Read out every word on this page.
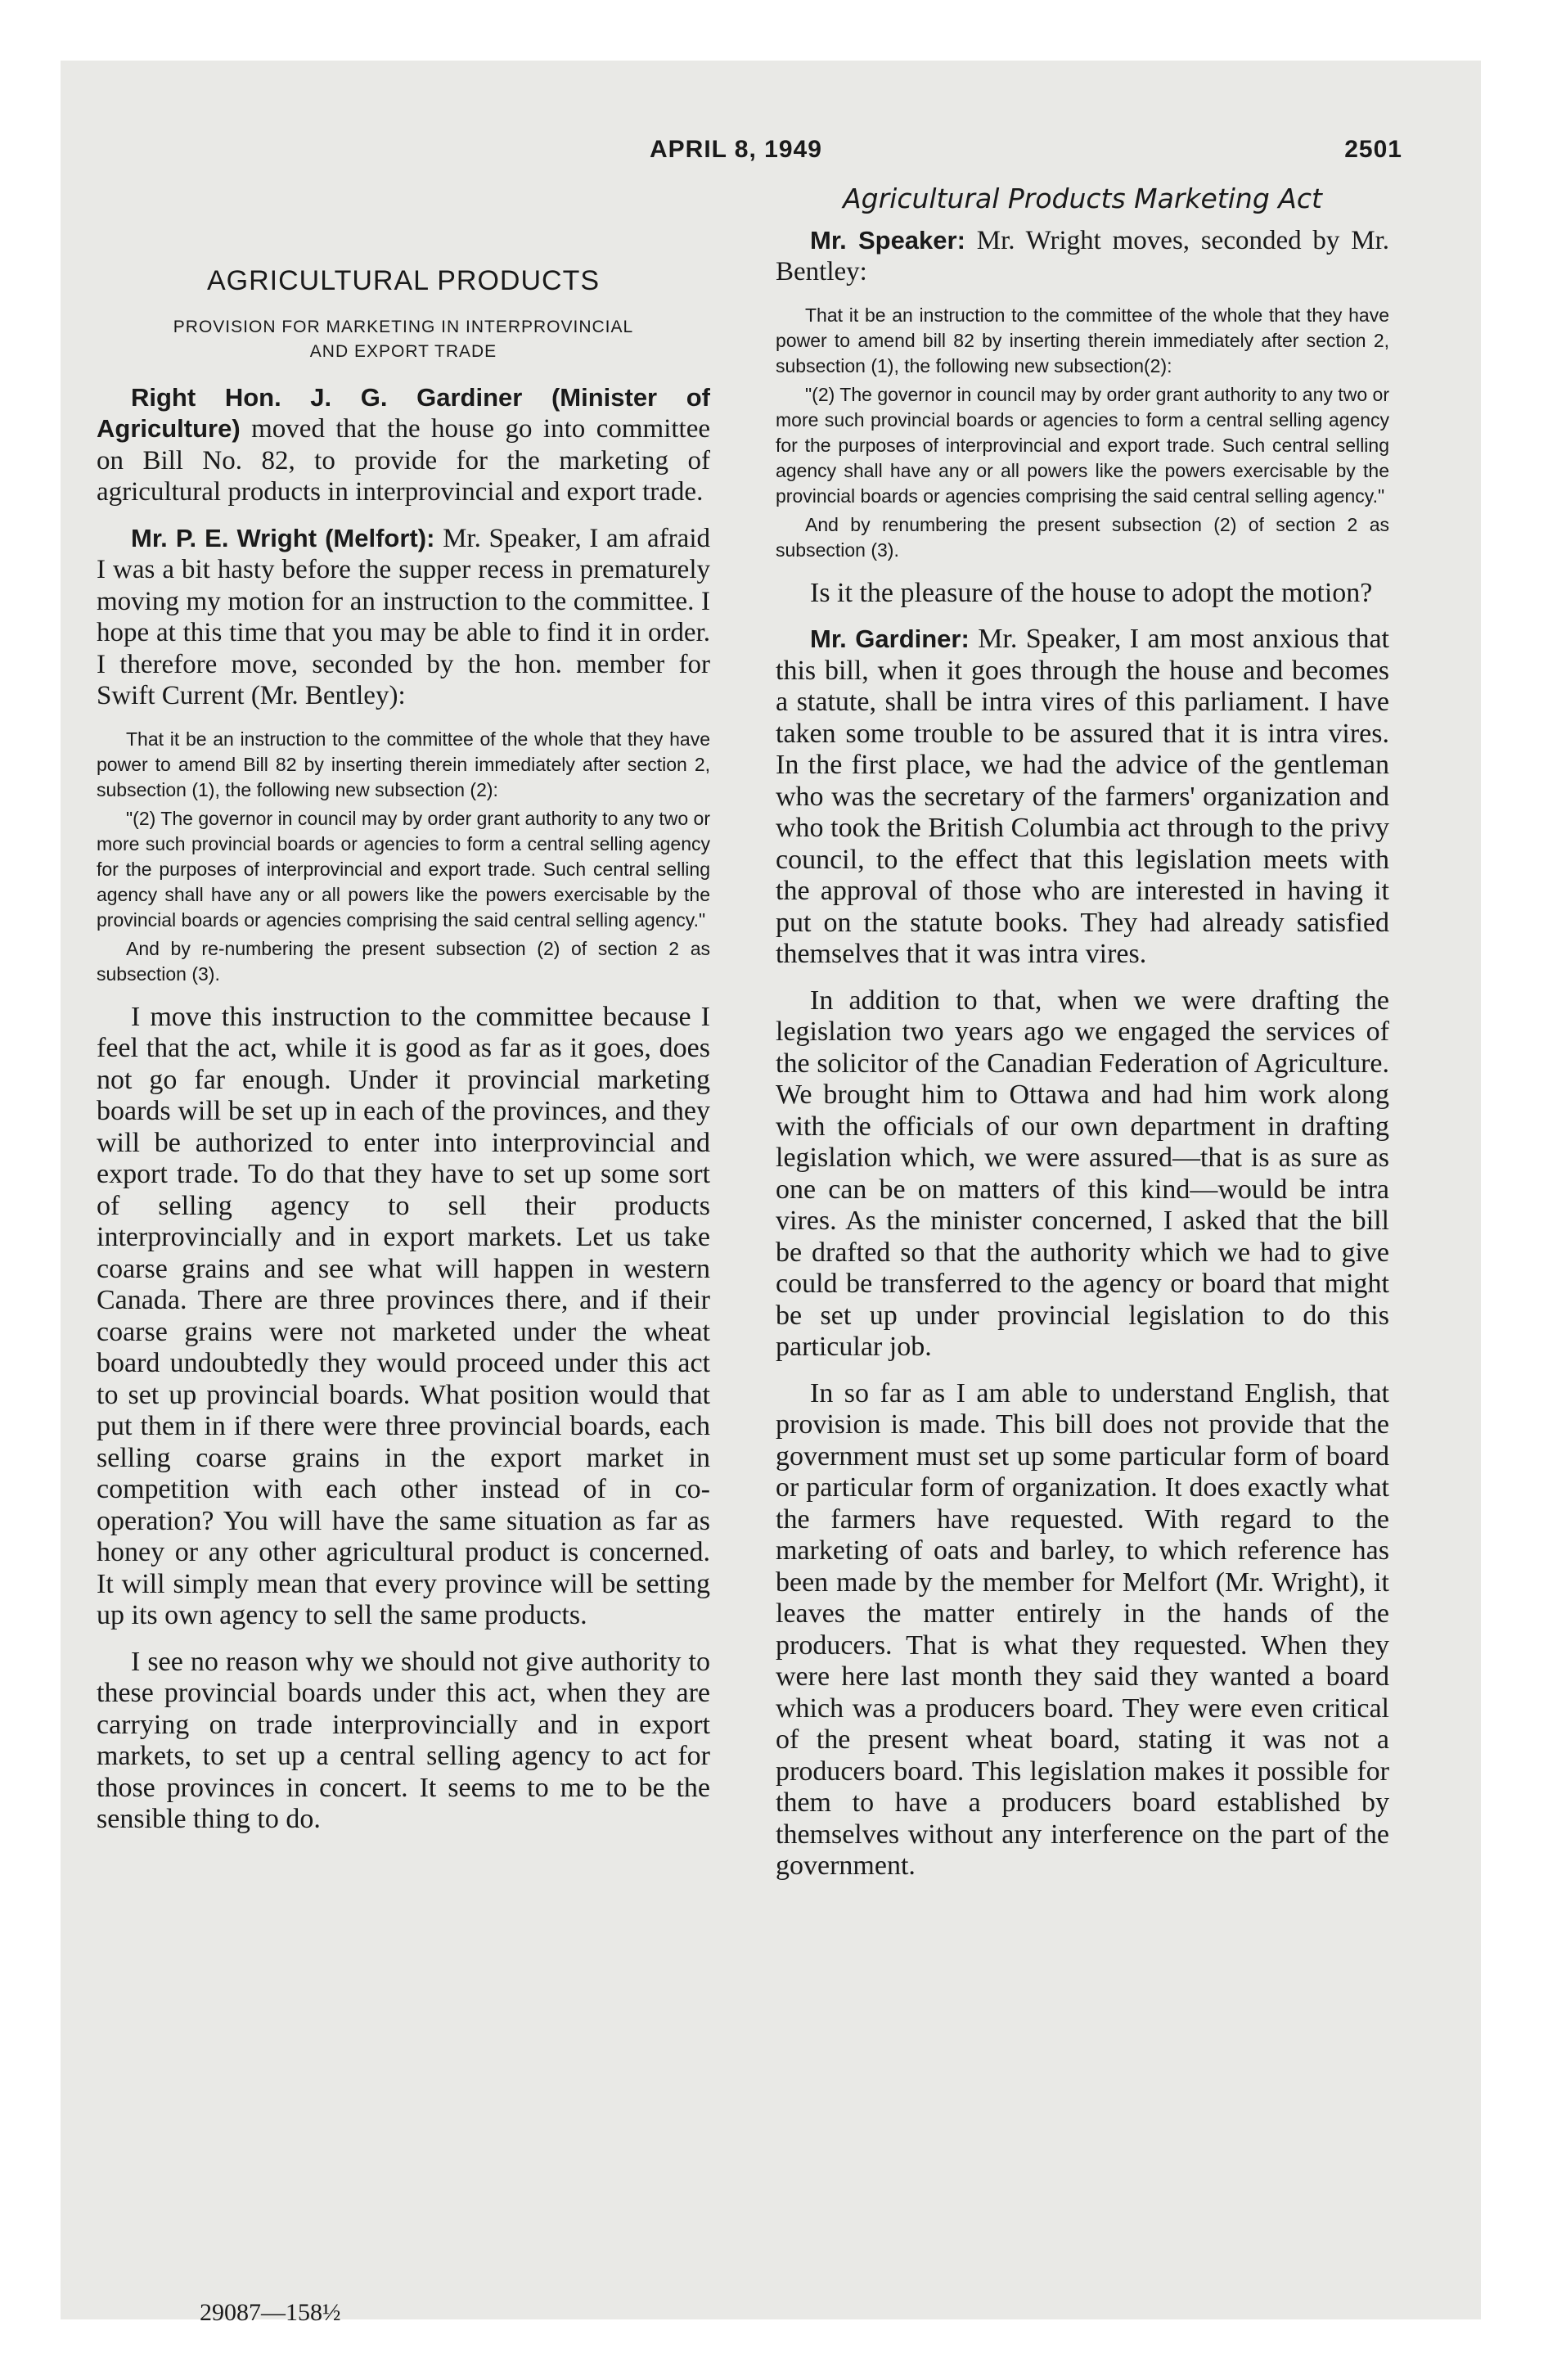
APRIL 8, 1949	2501
AGRICULTURAL PRODUCTS
PROVISION FOR MARKETING IN INTERPROVINCIAL
AND EXPORT TRADE

Right Hon. J. G. Gardiner (Minister of Agriculture) moved that the house go into committee on Bill No. 82, to provide for the marketing of agricultural products in interprovincial and export trade.

Mr. P. E. Wright (Melfort): Mr. Speaker, I am afraid I was a bit hasty before the supper recess in prematurely moving my motion for an instruction to the committee. I hope at this time that you may be able to find it in order. I therefore move, seconded by the hon. member for Swift Current (Mr. Bentley):

That it be an instruction to the committee of the whole that they have power to amend Bill 82 by inserting therein immediately after section 2, subsection (1), the following new subsection (2):
"(2) The governor in council may by order grant authority to any two or more such provincial boards or agencies to form a central selling agency for the purposes of interprovincial and export trade. Such central selling agency shall have any or all powers like the powers exercisable by the provincial boards or agencies comprising the said central selling agency."
And by re-numbering the present subsection (2) of section 2 as subsection (3).

I move this instruction to the committee because I feel that the act, while it is good as far as it goes, does not go far enough. Under it provincial marketing boards will be set up in each of the provinces, and they will be authorized to enter into interprovincial and export trade. To do that they have to set up some sort of selling agency to sell their products interprovincially and in export markets. Let us take coarse grains and see what will happen in western Canada. There are three provinces there, and if their coarse grains were not marketed under the wheat board undoubtedly they would proceed under this act to set up provincial boards. What position would that put them in if there were three provincial boards, each selling coarse grains in the export market in competition with each other instead of in co-operation? You will have the same situation as far as honey or any other agricultural product is concerned. It will simply mean that every province will be setting up its own agency to sell the same products.

I see no reason why we should not give authority to these provincial boards under this act, when they are carrying on trade interprovincially and in export markets, to set up a central selling agency to act for those provinces in concert. It seems to me to be the sensible thing to do.

Agricultural Products Marketing Act

Mr. Speaker: Mr. Wright moves, seconded by Mr. Bentley:

That it be an instruction to the committee of the whole that they have power to amend bill 82 by inserting therein immediately after section 2, subsection (1), the following new subsection(2):
"(2) The governor in council may by order grant authority to any two or more such provincial boards or agencies to form a central selling agency for the purposes of interprovincial and export trade. Such central selling agency shall have any or all powers like the powers exercisable by the provincial boards or agencies comprising the said central selling agency."
And by renumbering the present subsection (2) of section 2 as subsection (3).

Is it the pleasure of the house to adopt the motion?

Mr. Gardiner: Mr. Speaker, I am most anxious that this bill, when it goes through the house and becomes a statute, shall be intra vires of this parliament. I have taken some trouble to be assured that it is intra vires. In the first place, we had the advice of the gentleman who was the secretary of the farmers' organization and who took the British Columbia act through to the privy council, to the effect that this legislation meets with the approval of those who are interested in having it put on the statute books. They had already satisfied themselves that it was intra vires.

In addition to that, when we were drafting the legislation two years ago we engaged the services of the solicitor of the Canadian Federation of Agriculture. We brought him to Ottawa and had him work along with the officials of our own department in drafting legislation which, we were assured—that is as sure as one can be on matters of this kind—would be intra vires. As the minister concerned, I asked that the bill be drafted so that the authority which we had to give could be transferred to the agency or board that might be set up under provincial legislation to do this particular job.

In so far as I am able to understand English, that provision is made. This bill does not provide that the government must set up some particular form of board or particular form of organization. It does exactly what the farmers have requested. With regard to the marketing of oats and barley, to which reference has been made by the member for Melfort (Mr. Wright), it leaves the matter entirely in the hands of the producers. That is what they requested. When they were here last month they said they wanted a board which was a producers board. They were even critical of the present wheat board, stating it was not a producers board. This legislation makes it possible for them to have a producers board established by themselves without any interference on the part of the government.

29087—158½
